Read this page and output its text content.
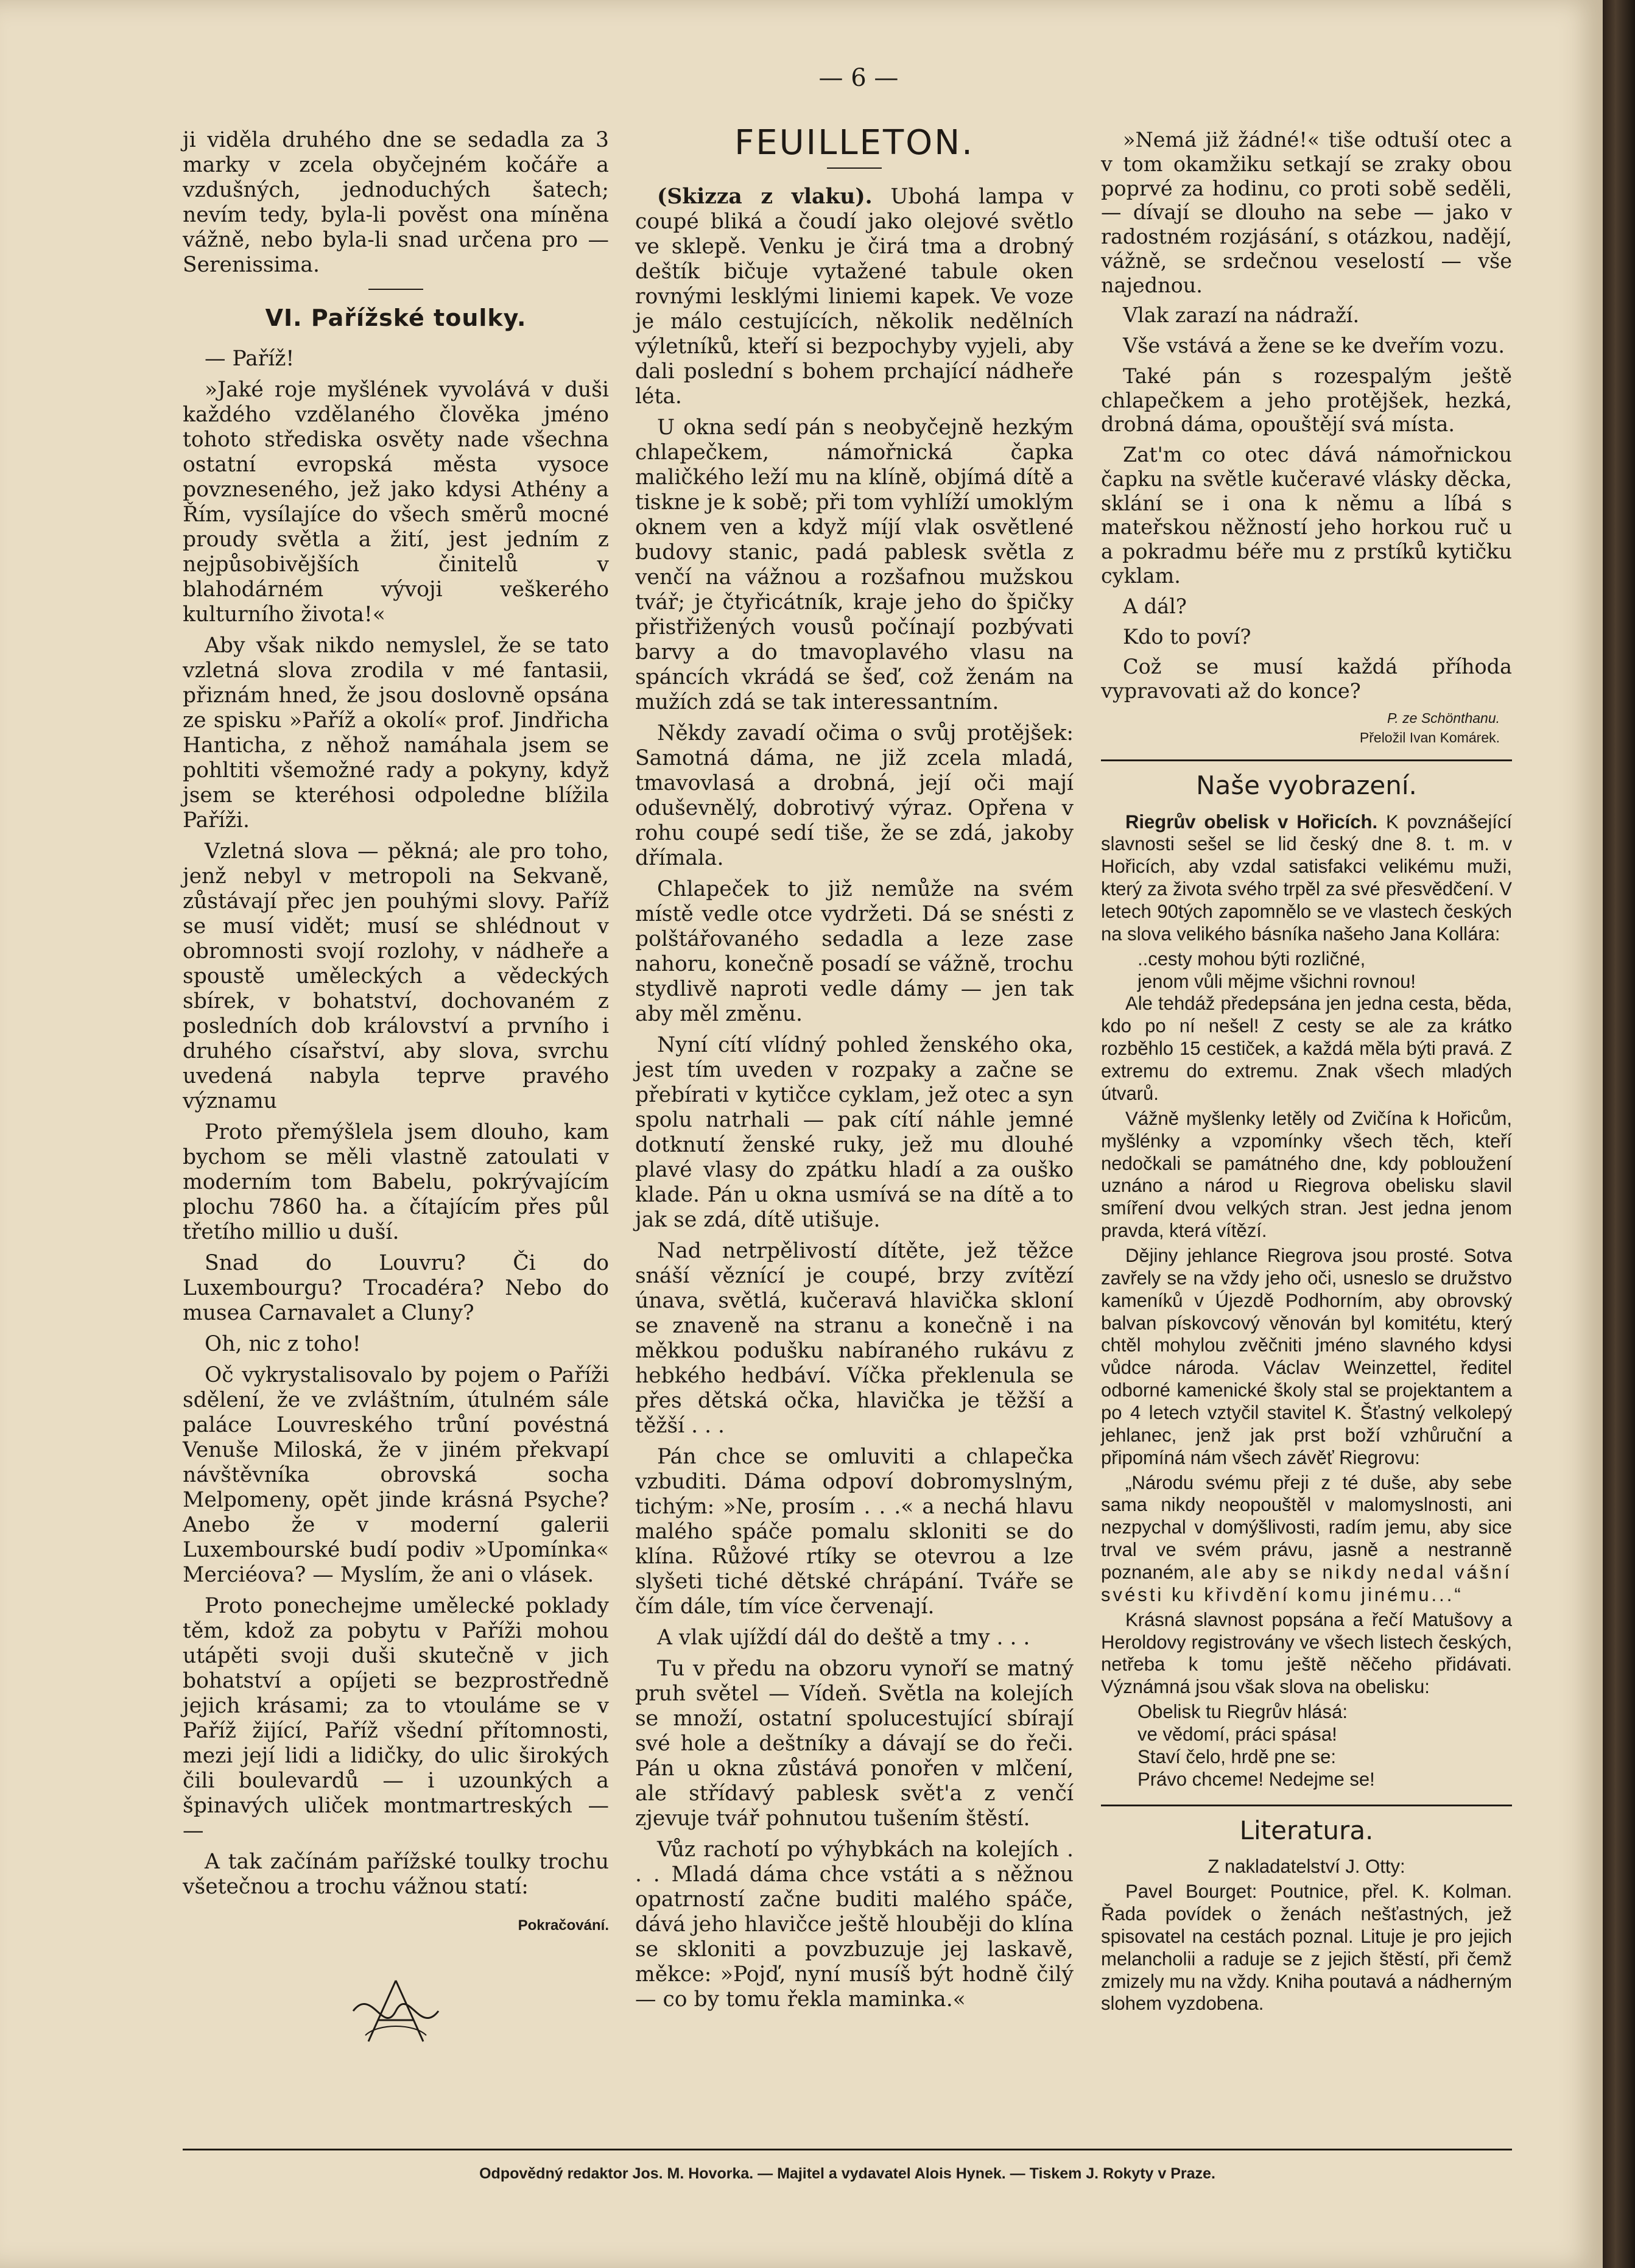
— 6 —

ji viděla druhého dne se sedadla za 3 marky v zcela obyčejném kočáře a vzdušných, jednoduchých šatech; nevím tedy, byla-li pověst ona míněna vážně, nebo byla-li snad určena pro — Serenissima.

VI. Pařížské toulky.

— Paříž!

»Jaké roje myšlének vyvolává v duši každého vzdělaného člověka jméno tohoto střediska osvěty nade všechna ostatní evropská města vysoce povzneseného, jež jako kdysi Athény a Řím, vysílajíce do všech směrů mocné proudy světla a žití, jest jedním z nejpůsobivějších činitelů v blahodárném vývoji veškerého kulturního života!«

Aby však nikdo nemyslel, že se tato vzletná slova zrodila v mé fantasii, přiznám hned, že jsou doslovně opsána ze spisku »Paříž a okolí« prof. Jindřicha Hanticha, z něhož namáhala jsem se pohltiti všemožné rady a pokyny, když jsem se kteréhosi odpoledne blížila Paříži.

Vzletná slova — pěkná; ale pro toho, jenž nebyl v metropoli na Sekvaně, zůstávají přec jen pouhými slovy. Paříž se musí vidět; musí se shlédnout v obromnosti svojí rozlohy, v nádheře a spoustě uměleckých a vědeckých sbírek, v bohatství, dochovaném z posledních dob království a prvního i druhého císařství, aby slova, svrchu uvedená nabyla teprve pravého významu

Proto přemýšlela jsem dlouho, kam bychom se měli vlastně zatoulati v moderním tom Babelu, pokrývajícím plochu 7860 ha. a čítajícím přes půl třetího millio u duší.

Snad do Louvru? Či do Luxembourgu? Trocadéra? Nebo do musea Carnavalet a Cluny?

Oh, nic z toho!

Oč vykrystalisovalo by pojem o Paříži sdělení, že ve zvláštním, útulném sále paláce Louvreského trůní povéstná Venuše Miloská, že v jiném překvapí návštěvníka obrovská socha Melpomeny, opět jinde krásná Psyche? Anebo že v moderní galerii Luxembourské budí podiv »Upomínka« Merciéova? — Myslím, že ani o vlásek.

Proto ponechejme umělecké poklady těm, kdož za pobytu v Paříži mohou utápěti svoji duši skutečně v jich bohatství a opíjeti se bezprostředně jejich krásami; za to vtouláme se v Paříž žijící, Paříž všední přítomnosti, mezi její lidi a lidičky, do ulic širokých čili boulevardů — i uzounkých a špinavých uliček montmartreských — —

A tak začínám pařížské toulky trochu všetečnou a trochu vážnou statí:

Pokračování.
FEUILLETON.

(Skizza z vlaku). Ubohá lampa v coupé bliká a čoudí jako olejové světlo ve sklepě. Venku je čirá tma a drobný deštík bičuje vytažené tabule oken rovnými lesklými liniemi kapek. Ve voze je málo cestujících, několik nedělních výletníků, kteří si bezpochyby vyjeli, aby dali poslední s bohem prchající nádheře léta.

U okna sedí pán s neobyčejně hezkým chlapečkem, námořnická čapka maličkého leží mu na klíně, objímá dítě a tiskne je k sobě; při tom vyhlíží umoklým oknem ven a když míjí vlak osvětlené budovy stanic, padá pablesk světla z venčí na vážnou a rozšafnou mužskou tvář; je čtyřicátník, kraje jeho do špičky přistřižených vousů počínají pozbývati barvy a do tmavoplavého vlasu na spáncích vkrádá se šeď, což ženám na mužích zdá se tak interessantním.

Někdy zavadí očima o svůj protějšek: Samotná dáma, ne již zcela mladá, tmavovlasá a drobná, její oči mají oduševnělý, dobrotivý výraz. Opřena v rohu coupé sedí tiše, že se zdá, jakoby dřímala.

Chlapeček to již nemůže na svém místě vedle otce vydržeti. Dá se snésti z polštářovaného sedadla a leze zase nahoru, konečně posadí se vážně, trochu stydlivě naproti vedle dámy — jen tak aby měl změnu.

Nyní cítí vlídný pohled ženského oka, jest tím uveden v rozpaky a začne se přebírati v kytičce cyklam, jež otec a syn spolu natrhali — pak cítí náhle jemné dotknutí ženské ruky, jež mu dlouhé plavé vlasy do zpátku hladí a za ouško klade. Pán u okna usmívá se na dítě a to jak se zdá, dítě utišuje.

Nad netrpělivostí dítěte, jež těžce snáší věznící je coupé, brzy zvítězí únava, světlá, kučeravá hlavička skloní se znaveně na stranu a konečně i na měkkou podušku nabíraného rukávu z hebkého hedbáví. Víčka překlenula se přes dětská očka, hlavička je těžší a těžší . . .

Pán chce se omluviti a chlapečka vzbuditi. Dáma odpoví dobromyslným, tichým: »Ne, prosím . . .« a nechá hlavu malého spáče pomalu skloniti se do klína. Růžové rtíky se otevrou a lze slyšeti tiché dětské chrápání. Tváře se čím dále, tím více červenají.

A vlak ujíždí dál do deště a tmy . . .

Tu v předu na obzoru vynoří se matný pruh světel — Vídeň. Světla na kolejích se množí, ostatní spolucestující sbírají své hole a deštníky a dávají se do řeči. Pán u okna zůstává ponořen v mlčení, ale střídavý pablesk svět'a z venčí zjevuje tvář pohnutou tušením štěstí.

Vůz rachotí po výhybkách na kolejích . . . Mladá dáma chce vstáti a s něžnou opatrností začne buditi malého spáče, dává jeho hlavičce ještě hlouběji do klína se skloniti a povzbuzuje jej laskavě, měkce: »Pojď, nyní musíš být hodně čilý — co by tomu řekla maminka.«

»Nemá již žádné!« tiše odtuší otec a v tom okamžiku setkají se zraky obou poprvé za hodinu, co proti sobě seděli, — dívají se dlouho na sebe — jako v radostném rozjásání, s otázkou, nadějí, vážně, se srdečnou veselostí — vše najednou.

Vlak zarazí na nádraží.

Vše vstává a žene se ke dveřím vozu.

Také pán s rozespalým ještě chlapečkem a jeho protějšek, hezká, drobná dáma, opouštějí svá místa.

Zat'm co otec dává námořnickou čapku na světle kučeravé vlásky děcka, sklání se i ona k němu a líbá s mateřskou něžností jeho horkou ruč u a pokradmu béře mu z prstíků kytičku cyklam.

A dál?

Kdo to poví?

Což se musí každá příhoda vypravovati až do konce?

P. ze Schönthanu.
Přeložil Ivan Komárek.
Naše vyobrazení.

Riegrův obelisk v Hořicích. K povznášející slavnosti sešel se lid český dne 8. t. m. v Hořicích, aby vzdal satisfakci velikému muži, který za života svého trpěl za své přesvědčení. V letech 90tých zapomnělo se ve vlastech českých na slova velikého básníka našeho Jana Kollára:

..cesty mohou býti rozličné,

jenom vůli mějme všichni rovnou!

Ale tehdáž předepsána jen jedna cesta, běda, kdo po ní nešel! Z cesty se ale za krátko rozběhlo 15 cestiček, a každá měla býti pravá. Z extremu do extremu. Znak všech mladých útvarů.

Vážně myšlenky letěly od Zvičína k Hořicům, myšlénky a vzpomínky všech těch, kteří nedočkali se památného dne, kdy pobloužení uznáno a národ u Riegrova obelisku slavil smíření dvou velkých stran. Jest jedna jenom pravda, která vítězí.

Dějiny jehlance Riegrova jsou prosté. Sotva zavřely se na vždy jeho oči, usneslo se družstvo kameníků v Újezdě Podhorním, aby obrovský balvan pískovcový věnován byl komitétu, který chtěl mohylou zvěčniti jméno slavného kdysi vůdce národa. Václav Weinzettel, ředitel odborné kamenické školy stal se projektantem a po 4 letech vztyčil stavitel K. Šťastný velkolepý jehlanec, jenž jak prst boží vzhůruční a připomíná nám všech závěť Riegrovu:

„Národu svému přeji z té duše, aby sebe sama nikdy neopouštěl v malomyslnosti, ani nezpychal v domýšlivosti, radím jemu, aby sice trval ve svém právu, jasně a nestranně poznaném, ale aby se nikdy nedal vášní svésti ku křivdění komu jinému...“

Krásná slavnost popsána a řečí Matušovy a Heroldovy registrovány ve všech listech českých, netřeba k tomu ještě něčeho přidávati. Význámná jsou však slova na obelisku:

Obelisk tu Riegrův hlásá:

ve vědomí, práci spása!

Staví čelo, hrdě pne se:

Právo chceme! Nedejme se!

Literatura.

Z nakladatelství J. Otty:

Pavel Bourget: Poutnice, přel. K. Kolman. Řada povídek o ženách nešťastných, jež spisovatel na cestách poznal. Lituje je pro jejich melancholii a raduje se z jejich štěstí, při čemž zmizely mu na vždy. Kniha poutavá a nádherným slohem vyzdobena.

Odpovědný redaktor Jos. M. Hovorka. — Majitel a vydavatel Alois Hynek. — Tiskem J. Rokyty v Praze.
